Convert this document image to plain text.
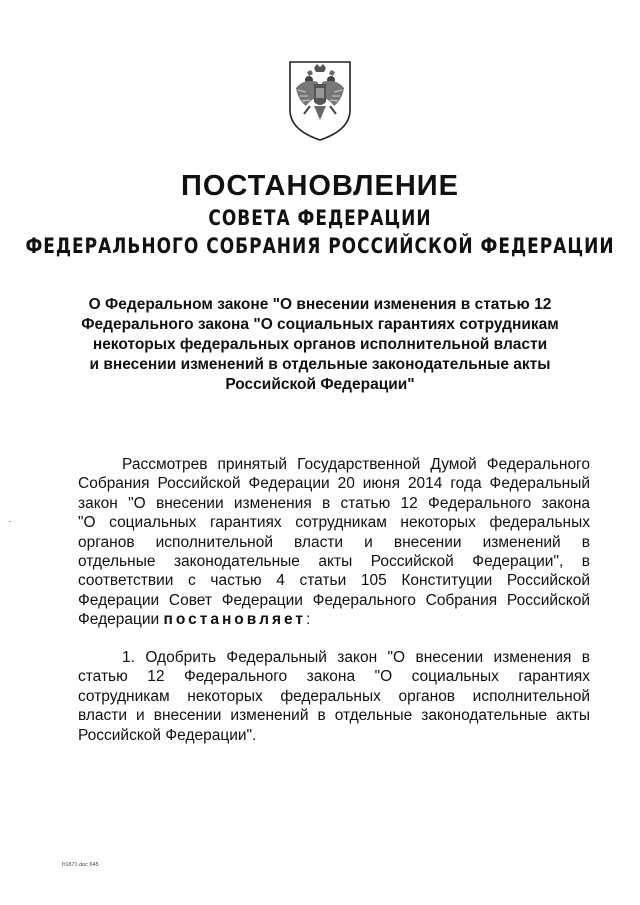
ПОСТАНОВЛЕНИЕ
СОВЕТА ФЕДЕРАЦИИ
ФЕДЕРАЛЬНОГО СОБРАНИЯ РОССИЙСКОЙ ФЕДЕРАЦИИ
О Федеральном законе "О внесении изменения в статью 12
Федерального закона "О социальных гарантиях сотрудникам
некоторых федеральных органов исполнительной власти
и внесении изменений в отдельные законодательные акты
Российской Федерации"
Рассмотрев принятый Государственной Думой Федерального
Собрания Российской Федерации 20 июня 2014 года Федеральный
закон "О внесении изменения в статью 12 Федерального закона
"О социальных гарантиях сотрудникам некоторых федеральных
органов исполнительной власти и внесении изменений в
отдельные законодательные акты Российской Федерации", в
соответствии с частью 4 статьи 105 Конституции Российской
Федерации Совет Федерации Федерального Собрания Российской
Федерации постановляет:
1. Одобрить Федеральный закон "О внесении изменения в
статью 12 Федерального закона "О социальных гарантиях
сотрудникам некоторых федеральных органов исполнительной
власти и внесении изменений в отдельные законодательные акты
Российской Федерации".
fr1871.doc 645
